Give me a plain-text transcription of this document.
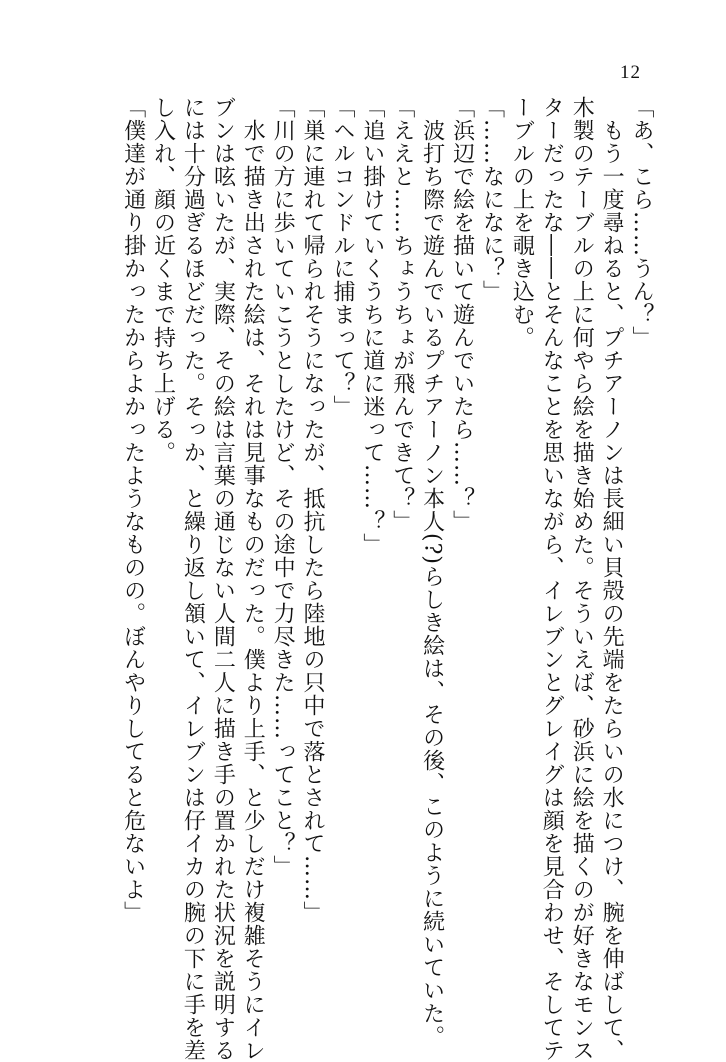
12
「あ、こら……うん？」
　もう一度尋ねると、プチアーノンは長細い貝殻の先端をたらいの水につけ、腕を伸ばして、
木製のテーブルの上に何やら絵を描き始めた。そういえば、砂浜に絵を描くのが好きなモンス
ターだったな――とそんなことを思いながら、イレブンとグレイグは顔を見合わせ、そしてテ
ーブルの上を覗き込む。
「……なになに？」
「浜辺で絵を描いて遊んでいたら……？」
　波打ち際で遊んでいるプチアーノン本人(?)らしき絵は、その後、このように続いていた。
「ええと……ちょうちょが飛んできて？」
「追い掛けていくうちに道に迷って……？」
「ヘルコンドルに捕まって？」
「巣に連れて帰られそうになったが、抵抗したら陸地の只中で落とされて……」
「川の方に歩いていこうとしたけど、その途中で力尽きた……ってこと？」
　水で描き出された絵は、それは見事なものだった。僕より上手、と少しだけ複雑そうにイレ
ブンは呟いたが、実際、その絵は言葉の通じない人間二人に描き手の置かれた状況を説明する
には十分過ぎるほどだった。そっか、と繰り返し頷いて、イレブンは仔イカの腕の下に手を差
し入れ、顔の近くまで持ち上げる。
「僕達が通り掛かったからよかったようなものの。ぼんやりしてると危ないよ」
